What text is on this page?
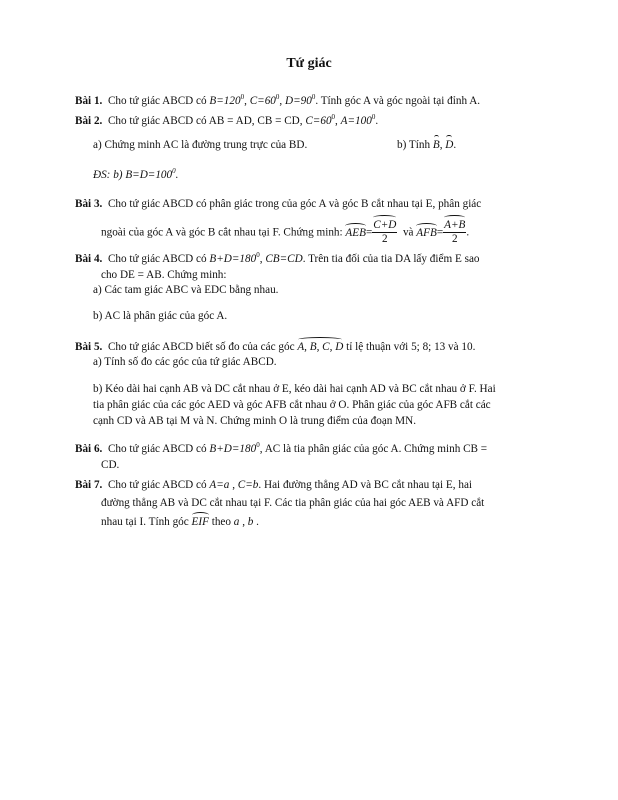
Tứ giác
Bài 1. Cho tứ giác ABCD có $B=120^0$, $C=60^0$, $D=90^0$. Tính góc A và góc ngoài tại đỉnh A.
Bài 2. Cho tứ giác ABCD có AB = AD, CB = CD, $C=60^0$, $A=100^0$.
a) Chứng minh AC là đường trung trực của BD.	b) Tính B, D.
ĐS: b) $B=D=100^0$.
Bài 3. Cho tứ giác ABCD có phân giác trong của góc A và góc B cắt nhau tại E, phân giác
ngoài của góc A và góc B cắt nhau tại F. Chứng minh: $AEB= \frac{C+D}{2}$ và $AFB= \frac{A+B}{2}$ .
Bài 4. Cho tứ giác ABCD có $B+D=180^0$, CB=CD. Trên tia đối của tia DA lấy điểm E sao
cho DE = AB. Chứng minh:
a) Các tam giác ABC và EDC bằng nhau.
b) AC là phân giác của góc A.
Bài 5. Cho tứ giác ABCD biết số đo của các góc A, B, C, D tỉ lệ thuận với 5; 8; 13 và 10.
a) Tính số đo các góc của tứ giác ABCD.
b) Kéo dài hai cạnh AB và DC cắt nhau ở E, kéo dài hai cạnh AD và BC cắt nhau ở F. Hai
tia phân giác của các góc AED và góc AFB cắt nhau ở O. Phân giác của góc AFB cắt các
cạnh CD và AB tại M và N. Chứng minh O là trung điểm của đoạn MN.
Bài 6. Cho tứ giác ABCD có $B+D=180^0$, AC là tia phân giác của góc A. Chứng minh CB =
CD.
Bài 7. Cho tứ giác ABCD có A=a , C=b. Hai đường thẳng AD và BC cắt nhau tại E, hai
đường thẳng AB và DC cắt nhau tại F. Các tia phân giác của hai góc AEB và AFD cắt
nhau tại I. Tính góc EIF theo a , b .
